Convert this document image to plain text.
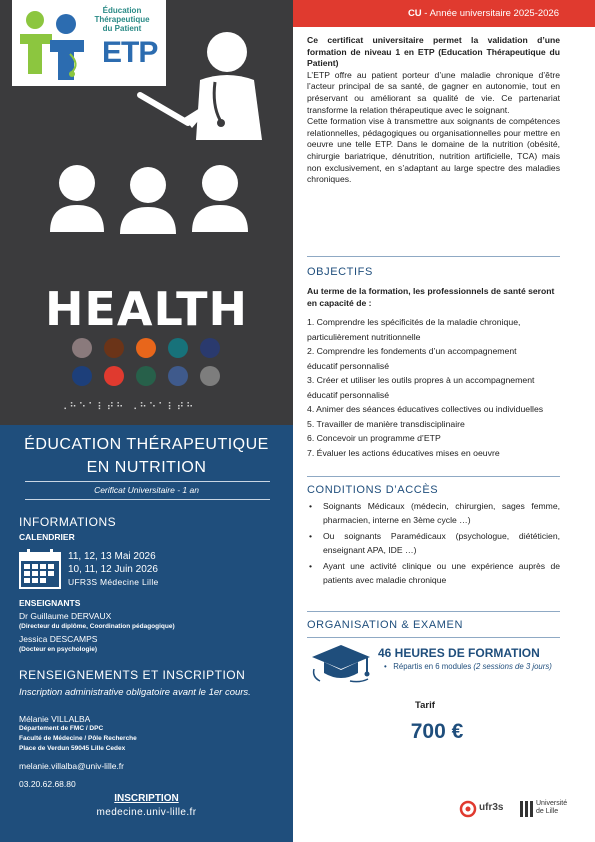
Éducation
Thérapeutique
du Patient
ETP
HEALTH
⠠⠓⠑⠁⠇⠞⠓ ⠠⠓⠑⠁⠇⠞⠓
ÉDUCATION THÉRAPEUTIQUE
EN NUTRITION
Cerificat Universitaire - 1 an
INFORMATIONS
CALENDRIER
11, 12, 13 Mai 2026
10, 11, 12 Juin 2026
UFR3S Médecine Lille
ENSEIGNANTS
Dr Guillaume DERVAUX
(Directeur du diplôme, Coordination pédagogique)
Jessica DESCAMPS
(Docteur en psychologie)
RENSEIGNEMENTS ET INSCRIPTION
Inscription administrative obligatoire avant le 1er cours.
Mélanie VILLALBA
Département de FMC / DPC
Faculté de Médecine / Pôle Recherche
Place de Verdun 59045 Lille Cedex
melanie.villalba@univ-lille.fr
03.20.62.68.80
INSCRIPTION
medecine.univ-lille.fr
CU - Année universitaire 2025-2026

Ce certificat universitaire permet la validation d’une formation de niveau 1 en ETP (Education Thérapeutique du Patient)

L’ETP offre au patient porteur d’une maladie chronique d’être l’acteur principal de sa santé, de gagner en autonomie, tout en préservant ou améliorant sa qualité de vie. Ce partenariat transforme la relation thérapeutique avec le soignant.

Cette formation vise à transmettre aux soignants de compétences relationnelles, pédagogiques ou organisationnelles pour mettre en oeuvre une telle ETP. Dans le domaine de la nutrition (obésité, chirurgie bariatrique, dénutrition, nutrition artificielle, TCA) mais non exclusivement, en s’adaptant au large spectre des maladies chroniques.

OBJECTIFS
Au terme de la formation, les professionnels de santé seront en capacité de :
1. Comprendre les spécificités de la maladie chronique, particulièrement nutritionnelle
2. Comprendre les fondements d’un accompagnement éducatif personnalisé
3. Créer et utiliser les outils propres à un accompagnement éducatif personnalisé
4. Animer des séances éducatives collectives ou individuelles
5. Travailler de manière transdisciplinaire
6. Concevoir un programme d’ETP
7. Évaluer les actions éducatives mises en oeuvre
CONDITIONS D’ACCÈS
• Soignants Médicaux (médecin, chirurgien, sages femme, pharmacien, interne en 3ème cycle …)
• Ou soignants Paramédicaux (psychologue, diététicien, enseignant APA, IDE …)
• Ayant une activité clinique ou une expérience auprès de patients avec maladie chronique
ORGANISATION & EXAMEN
46 HEURES DE FORMATION
•   Répartis en 6 modules (2 sessions de 3 jours)
Tarif
700 €
ufr3s	Université
de Lille
